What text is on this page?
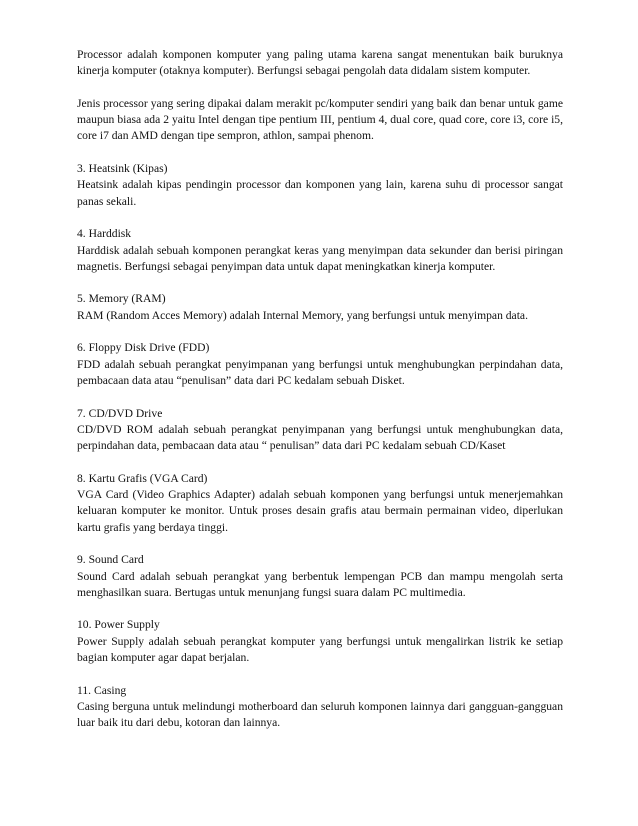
Processor adalah komponen komputer yang paling utama karena sangat menentukan baik buruknya kinerja komputer (otaknya komputer). Berfungsi sebagai pengolah data didalam sistem komputer.

Jenis processor yang sering dipakai dalam merakit pc/komputer sendiri yang baik dan benar untuk game maupun biasa ada 2 yaitu Intel dengan tipe pentium III, pentium 4, dual core, quad core, core i3, core i5, core i7 dan AMD dengan tipe sempron, athlon, sampai phenom.

3. Heatsink (Kipas)

Heatsink adalah kipas pendingin processor dan komponen yang lain, karena suhu di processor sangat panas sekali.

4. Harddisk

Harddisk adalah sebuah komponen perangkat keras yang menyimpan data sekunder dan berisi piringan magnetis. Berfungsi sebagai penyimpan data untuk dapat meningkatkan kinerja komputer.

5. Memory (RAM)

RAM (Random Acces Memory) adalah Internal Memory, yang berfungsi untuk menyimpan data.

6. Floppy Disk Drive (FDD)

FDD adalah sebuah perangkat penyimpanan yang berfungsi untuk menghubungkan perpindahan data, pembacaan data atau “penulisan” data dari PC kedalam sebuah Disket.

7. CD/DVD Drive

CD/DVD ROM adalah sebuah perangkat penyimpanan yang berfungsi untuk menghubungkan data, perpindahan data, pembacaan data atau “ penulisan” data dari PC kedalam sebuah CD/Kaset

8. Kartu Grafis (VGA Card)

VGA Card (Video Graphics Adapter) adalah sebuah komponen yang berfungsi untuk menerjemahkan keluaran komputer ke monitor. Untuk proses desain grafis atau bermain permainan video, diperlukan kartu grafis yang berdaya tinggi.

9. Sound Card

Sound Card adalah sebuah perangkat yang berbentuk lempengan PCB dan mampu mengolah serta menghasilkan suara. Bertugas untuk menunjang fungsi suara dalam PC multimedia.

10. Power Supply

Power Supply adalah sebuah perangkat komputer yang berfungsi untuk mengalirkan listrik ke setiap bagian komputer agar dapat berjalan.

11. Casing

Casing berguna untuk melindungi motherboard dan seluruh komponen lainnya dari gangguan-gangguan luar baik itu dari debu, kotoran dan lainnya.
